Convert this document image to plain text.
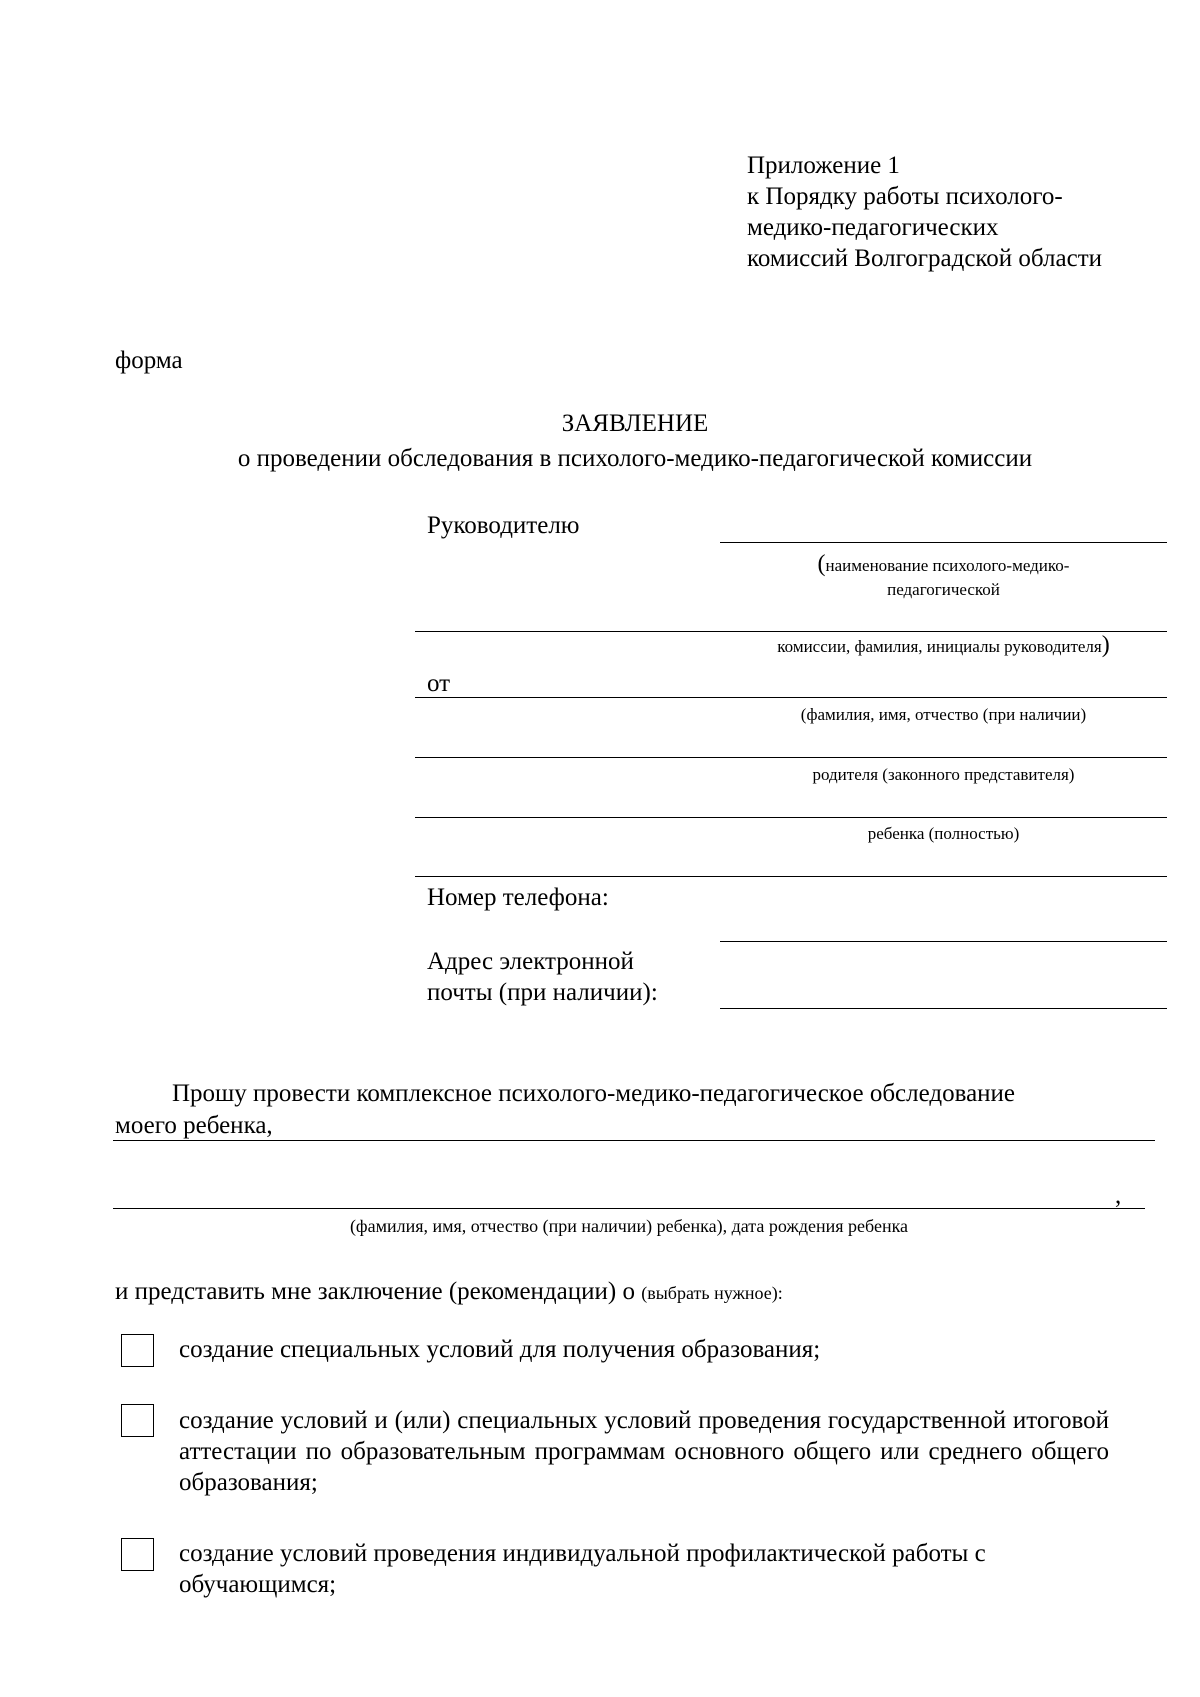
Приложение 1
к Порядку работы психолого-
медико-педагогических
комиссий Волгоградской области
форма
ЗАЯВЛЕНИЕ
о проведении обследования в психолого-медико-педагогической комиссии
Руководителю
(наименование психолого-медико-
педагогической
комиссии, фамилия, инициалы руководителя)
от
(фамилия, имя, отчество (при наличии)
родителя (законного представителя)
ребенка (полностью)
Номер телефона:
Адрес электронной
почты (при наличии):
Прошу провести комплексное психолого-медико-педагогическое обследование
моего ребенка,
,
(фамилия, имя, отчество (при наличии) ребенка), дата рождения ребенка
и представить мне заключение (рекомендации) о (выбрать нужное):
создание специальных условий для получения образования;
создание условий и (или) специальных условий проведения государственной итоговой аттестации по образовательным программам основного общего или среднего общего образования;
создание условий проведения индивидуальной профилактической работы с обучающимся;
